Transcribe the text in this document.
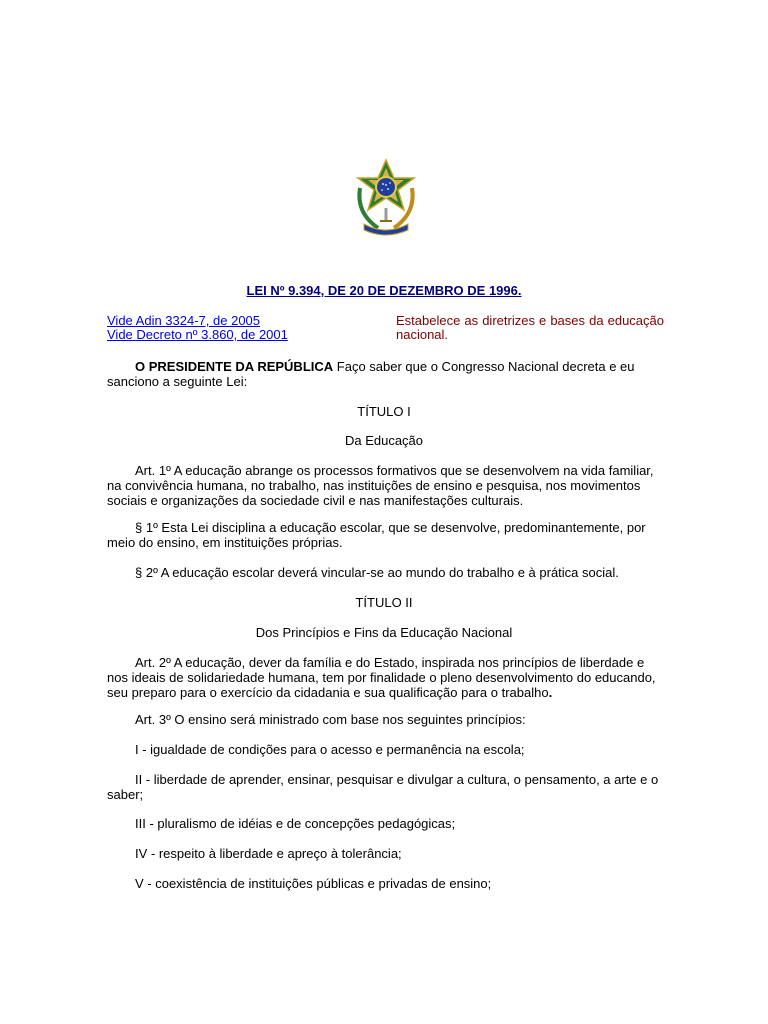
LEI Nº 9.394, DE 20 DE DEZEMBRO DE 1996.
Vide Adin 3324-7, de 2005
Vide Decreto nº 3.860, de 2001
Estabelece as diretrizes e bases da educação nacional.

O PRESIDENTE DA REPÚBLICA Faço saber que o Congresso Nacional decreta e eu sanciono a seguinte Lei:

TÍTULO I

Da Educação

Art. 1º A educação abrange os processos formativos que se desenvolvem na vida familiar, na convivência humana, no trabalho, nas instituições de ensino e pesquisa, nos movimentos sociais e organizações da sociedade civil e nas manifestações culturais.

§ 1º Esta Lei disciplina a educação escolar, que se desenvolve, predominantemente, por meio do ensino, em instituições próprias.

§ 2º A educação escolar deverá vincular-se ao mundo do trabalho e à prática social.

TÍTULO II

Dos Princípios e Fins da Educação Nacional

Art. 2º A educação, dever da família e do Estado, inspirada nos princípios de liberdade e nos ideais de solidariedade humana, tem por finalidade o pleno desenvolvimento do educando, seu preparo para o exercício da cidadania e sua qualificação para o trabalho.

Art. 3º O ensino será ministrado com base nos seguintes princípios:

I - igualdade de condições para o acesso e permanência na escola;

II - liberdade de aprender, ensinar, pesquisar e divulgar a cultura, o pensamento, a arte e o saber;

III - pluralismo de idéias e de concepções pedagógicas;

IV - respeito à liberdade e apreço à tolerância;

V - coexistência de instituições públicas e privadas de ensino;
